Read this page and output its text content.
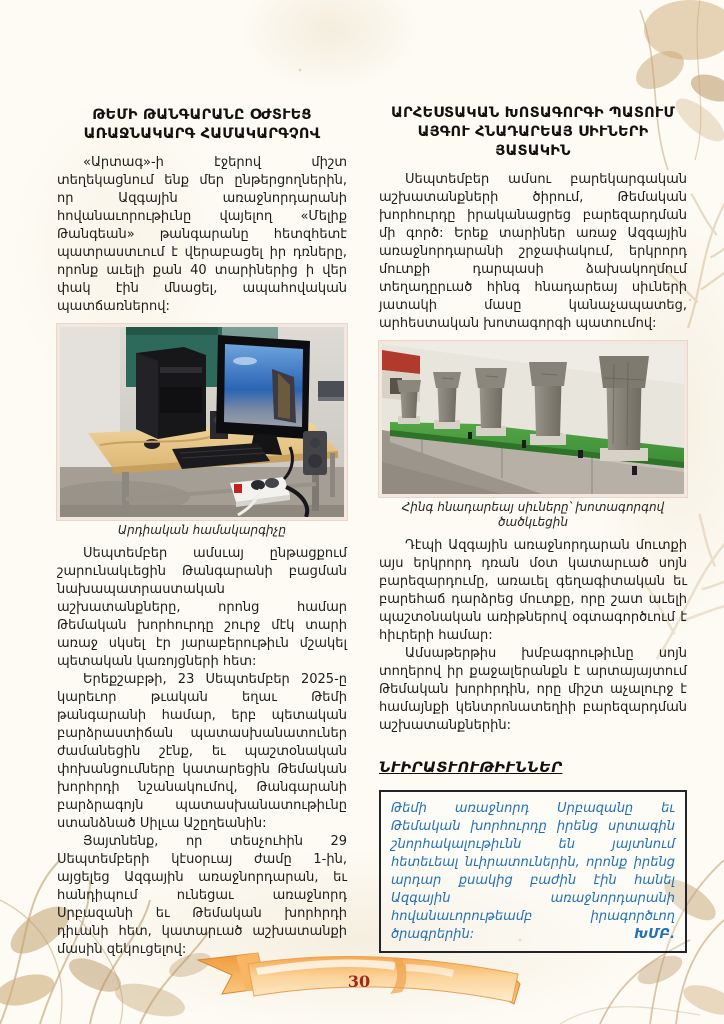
ԹԵՄԻ ԹԱՆԳԱՐԱՆԸ ՕԺՏՒԵՑ ԱՌԱՋՆԱԿԱՐԳ ՀԱՄԱԿԱՐԳՉՈՎ

«Արտագ»-ի էջերով միշտ տեղեկացնում ենք մեր ընթերցողներին, որ Ազգային առաջնորդարանի հովանաւորութիւնը վայելող «Մելիք Թանգեան» թանգարանը հետզհետէ պատրաստւում է վերաբացել իր դռները, որոնք աւելի քան 40 տարիներից ի վեր փակ էին մնացել, ապահովական պատճառներով:

Արդիական համակարգիչը

Սեպտեմբեր ամսւայ ընթացքում շարունակւեցին Թանգարանի բացման նախապատրաստական աշխատանքները, որոնց համար Թեմական խորհուրդը շուրջ մէկ տարի առաջ սկսել էր յարաբերութիւն մշակել պետական կառոյցների հետ:

Երեքշաբթի, 23 Սեպտեմբեր 2025-ը կարեւոր թւական եղաւ Թեմի թանգարանի համար, երբ պետական բարձրաստիճան պատասխանատուներ ժամանեցին շէնք, եւ պաշտօնական փոխանցումները կատարեցին Թեմական խորհրդի նշանակումով, Թանգարանի բարձրագոյն պատասխանատութիւնը ստանձնած Սիլւա Աշըղեանին:

Յայտնենք, որ տեսչուհին 29 Սեպտեմբերի կէսօրւայ ժամը 1-ին, այցելեց Ազգային առաջնորդարան, եւ հանդիպում ունեցաւ առաջնորդ Սրբազանի եւ Թեմական խորհրդի դիւանի հետ, կատարւած աշխատանքի մասին զեկուցելով:

ԱՐՀԵՍՏԱԿԱՆ ԽՈՏԱԳՈՐԳԻ ՊԱՏՈՒՄ ԱՅԳՈՒ ՀՆԱԴԱՐԵԱՅ ՍԻՒՆԵՐԻ ՅԱՏԱԿԻՆ

Սեպտեմբեր ամսու բարեկարգական աշխատանքների ծիրում, Թեմական խորհուրդը իրականացրեց բարեզարդման մի գործ: Երեք տարիներ առաջ Ազգային առաջնորդարանի շրջափակում, երկրորդ մուտքի դարպասի ձախակողմում տեղադըրւած հինգ հնադարեայ սիւների յատակի մասը կանաչապատեց, արհեստական խոտագորգի պատումով:

Հինգ հնադարեայ սիւները՝ խոտագորգով ծածկւեցին

Դէպի Ազգային առաջնորդարան մուտքի այս երկրորդ դռան մօտ կատարւած սոյն բարեզարդումը, առաւել գեղագիտական եւ բարեհաճ դարձրեց մուտքը, որը շատ աւելի պաշտօնական առիթներով օգտագործւում է հիւրերի համար:

Ամսաթերթիս խմբագրութիւնը սոյն տողերով իր քաջալերանքն է արտայայտում Թեմական խորհրդին, որը միշտ աչալուրջ է համայնքի կենտրոնատեղիի բարեզարդման աշխատանքներին:

ՆՒԻՐԱՏՒՈՒԹԻՒՆՆԵՐ
Թեմի առաջնորդ Սրբազանը եւ Թեմական խորհուրդը իրենց սրտագին շնորհակալութիւնն են յայտնում հետեւեալ նւիրատուներին, որոնք իրենց արդար քսակից բաժին էին հանել Ազգային առաջնորդարանի հովանաւորութեամբ իրագործւող ծրագրերին:	ԽՄԲ.
30
